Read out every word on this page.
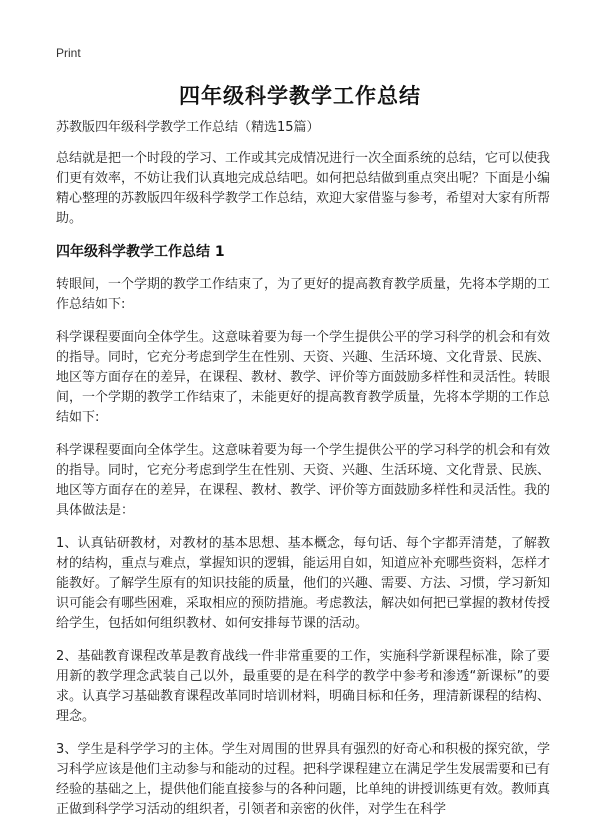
Print
四年级科学教学工作总结

苏教版四年级科学教学工作总结（精选15篇）

总结就是把一个时段的学习、工作或其完成情况进行一次全面系统的总结，它可以使我们更有效率，不妨让我们认真地完成总结吧。如何把总结做到重点突出呢？下面是小编精心整理的苏教版四年级科学教学工作总结，欢迎大家借鉴与参考，希望对大家有所帮助。

四年级科学教学工作总结 1

转眼间，一个学期的教学工作结束了，为了更好的提高教育教学质量，先将本学期的工作总结如下:

科学课程要面向全体学生。这意味着要为每一个学生提供公平的学习科学的机会和有效的指导。同时，它充分考虑到学生在性别、天资、兴趣、生活环境、文化背景、民族、地区等方面存在的差异，在课程、教材、教学、评价等方面鼓励多样性和灵活性。转眼间，一个学期的教学工作结束了，未能更好的提高教育教学质量，先将本学期的工作总结如下:

科学课程要面向全体学生。这意味着要为每一个学生提供公平的学习科学的机会和有效的指导。同时，它充分考虑到学生在性别、天资、兴趣、生活环境、文化背景、民族、地区等方面存在的差异，在课程、教材、教学、评价等方面鼓励多样性和灵活性。我的具体做法是：

1、认真钻研教材，对教材的基本思想、基本概念，每句话、每个字都弄清楚，了解教材的结构，重点与难点，掌握知识的逻辑，能运用自如，知道应补充哪些资料，怎样才能教好。了解学生原有的知识技能的质量，他们的兴趣、需要、方法、习惯，学习新知识可能会有哪些困难，采取相应的预防措施。考虑教法，解决如何把已掌握的教材传授给学生，包括如何组织教材、如何安排每节课的活动。

2、基础教育课程改革是教育战线一件非常重要的工作，实施科学新课程标准，除了要用新的教学理念武装自己以外，最重要的是在科学的教学中参考和渗透“新课标”的要求。认真学习基础教育课程改革同时培训材料，明确目标和任务，理清新课程的结构、理念。

3、学生是科学学习的主体。学生对周围的世界具有强烈的好奇心和积极的探究欲，学习科学应该是他们主动参与和能动的过程。把科学课程建立在满足学生发展需要和已有经验的基础之上，提供他们能直接参与的各种问题，比单纯的讲授训练更有效。教师真正做到科学学习活动的组织者，引领者和亲密的伙伴，对学生在科学
